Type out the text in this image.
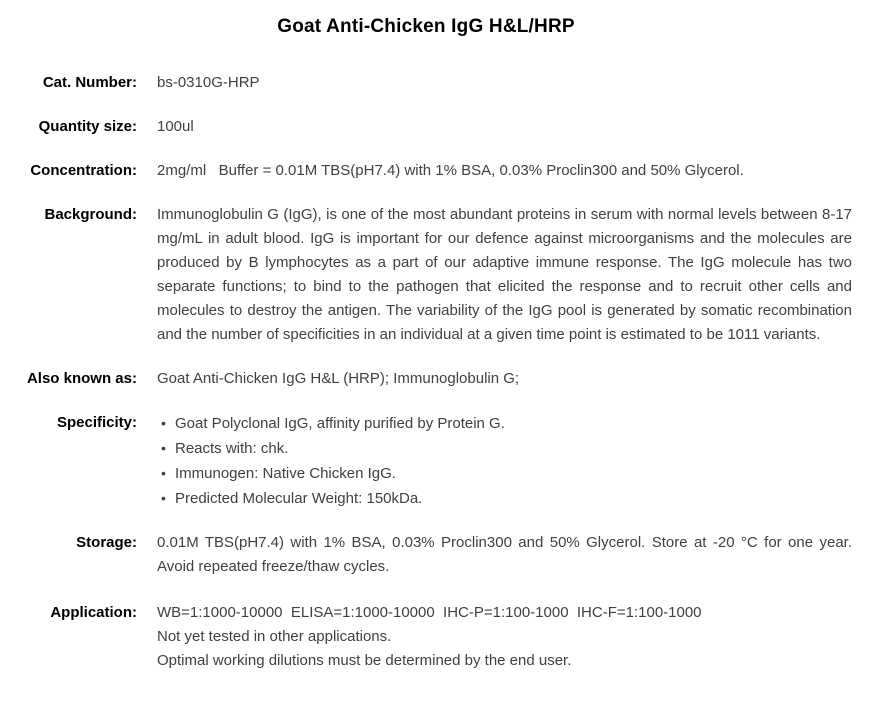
Goat Anti-Chicken IgG H&L/HRP
Cat. Number: bs-0310G-HRP
Quantity size: 100ul
Concentration: 2mg/ml   Buffer = 0.01M TBS(pH7.4) with 1% BSA, 0.03% Proclin300 and 50% Glycerol.
Background: Immunoglobulin G (IgG), is one of the most abundant proteins in serum with normal levels between 8-17 mg/mL in adult blood. IgG is important for our defence against microorganisms and the molecules are produced by B lymphocytes as a part of our adaptive immune response. The IgG molecule has two separate functions; to bind to the pathogen that elicited the response and to recruit other cells and molecules to destroy the antigen. The variability of the IgG pool is generated by somatic recombination and the number of specificities in an individual at a given time point is estimated to be 1011 variants.
Also known as: Goat Anti-Chicken IgG H&L (HRP); Immunoglobulin G;
Specificity: • Goat Polyclonal IgG, affinity purified by Protein G.
• Reacts with: chk.
• Immunogen: Native Chicken IgG.
• Predicted Molecular Weight: 150kDa.
Storage: 0.01M TBS(pH7.4) with 1% BSA, 0.03% Proclin300 and 50% Glycerol. Store at -20 °C for one year. Avoid repeated freeze/thaw cycles.
Application: WB=1:1000-10000  ELISA=1:1000-10000  IHC-P=1:100-1000  IHC-F=1:100-1000
Not yet tested in other applications.
Optimal working dilutions must be determined by the end user.
